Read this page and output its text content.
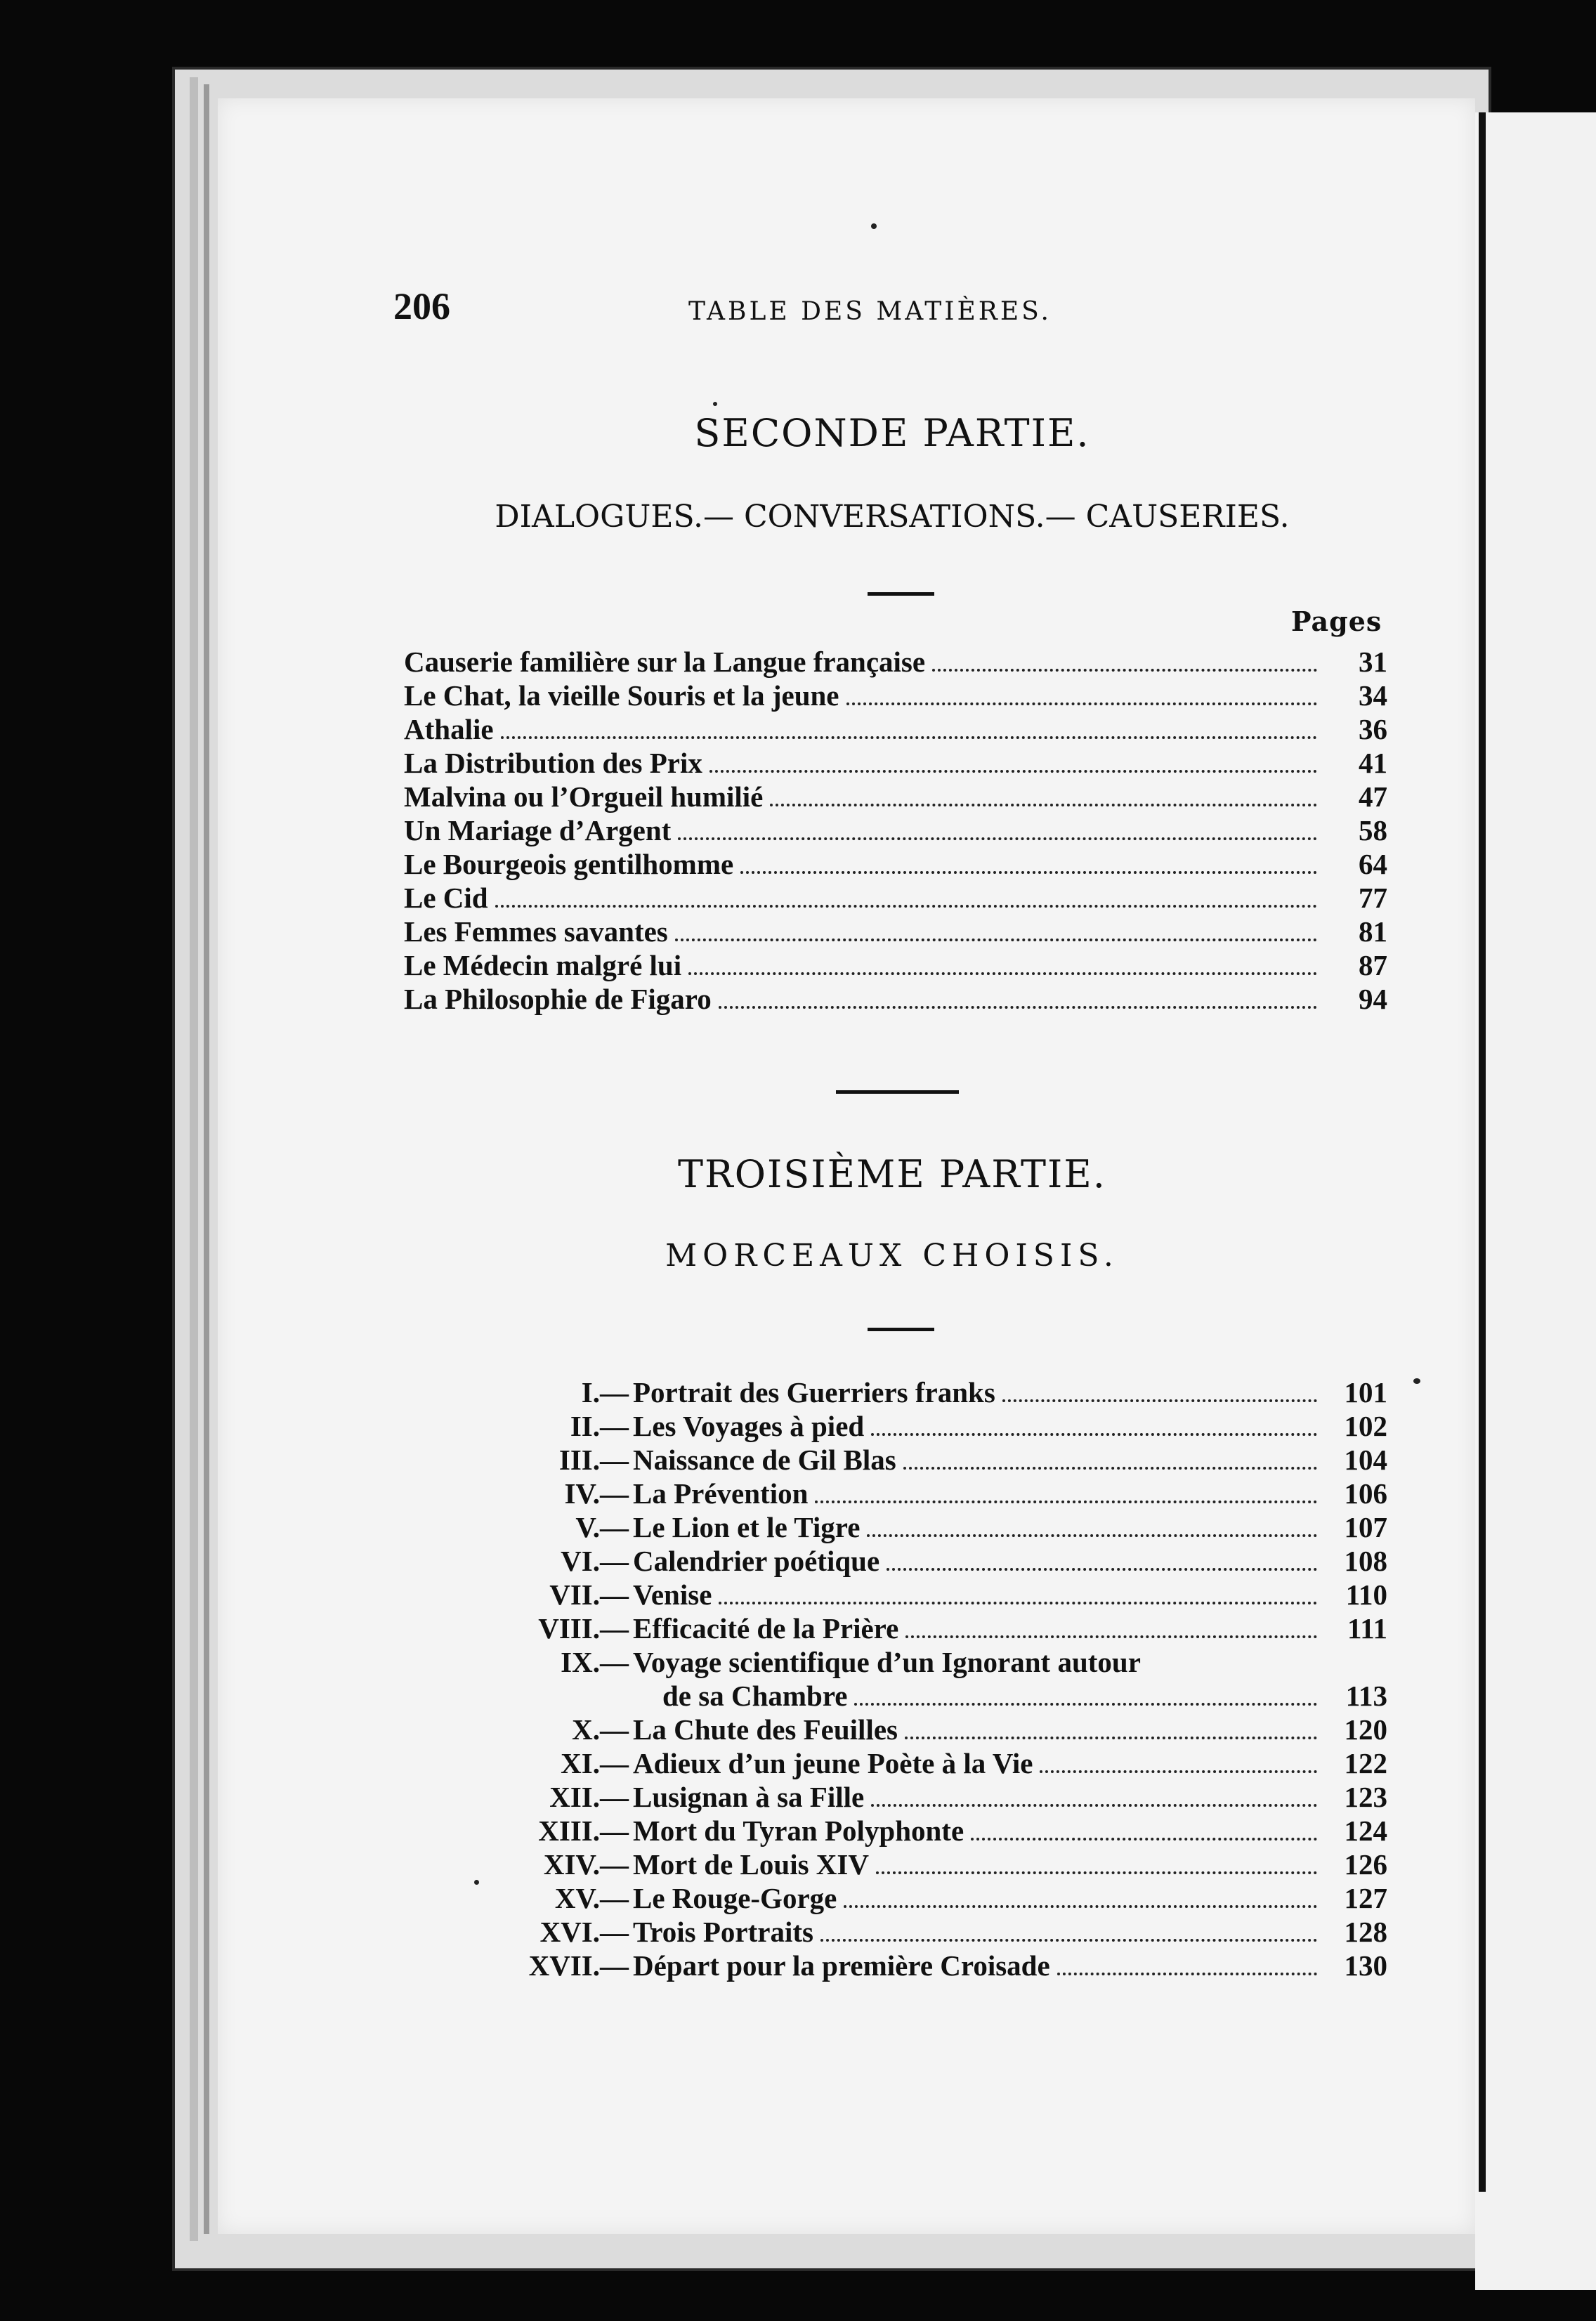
206	TABLE DES MATIÈRES.
SECONDE PARTIE.
DIALOGUES.— CONVERSATIONS.— CAUSERIES.
Pages
Causerie familière sur la Langue française	31
Le Chat, la vieille Souris et la jeune	34
Athalie	36
La Distribution des Prix	41
Malvina ou l’Orgueil humilié	47
Un Mariage d’Argent	58
Le Bourgeois gentilhomme	64
Le Cid	77
Les Femmes savantes	81
Le Médecin malgré lui	87
La Philosophie de Figaro	94
TROISIÈME PARTIE.
MORCEAUX CHOISIS.
I.— Portrait des Guerriers franks	101
II.— Les Voyages à pied	102
III.— Naissance de Gil Blas	104
IV.— La Prévention	106
V.— Le Lion et le Tigre	107
VI.— Calendrier poétique	108
VII.— Venise	110
VIII.— Efficacité de la Prière	111
IX.— Voyage scientifique d’un Ignorant autour
de sa Chambre	113
X.— La Chute des Feuilles	120
XI.— Adieux d’un jeune Poète à la Vie	122
XII.— Lusignan à sa Fille	123
XIII.— Mort du Tyran Polyphonte	124
XIV.— Mort de Louis XIV	126
XV.— Le Rouge-Gorge	127
XVI.— Trois Portraits	128
XVII.— Départ pour la première Croisade	130
